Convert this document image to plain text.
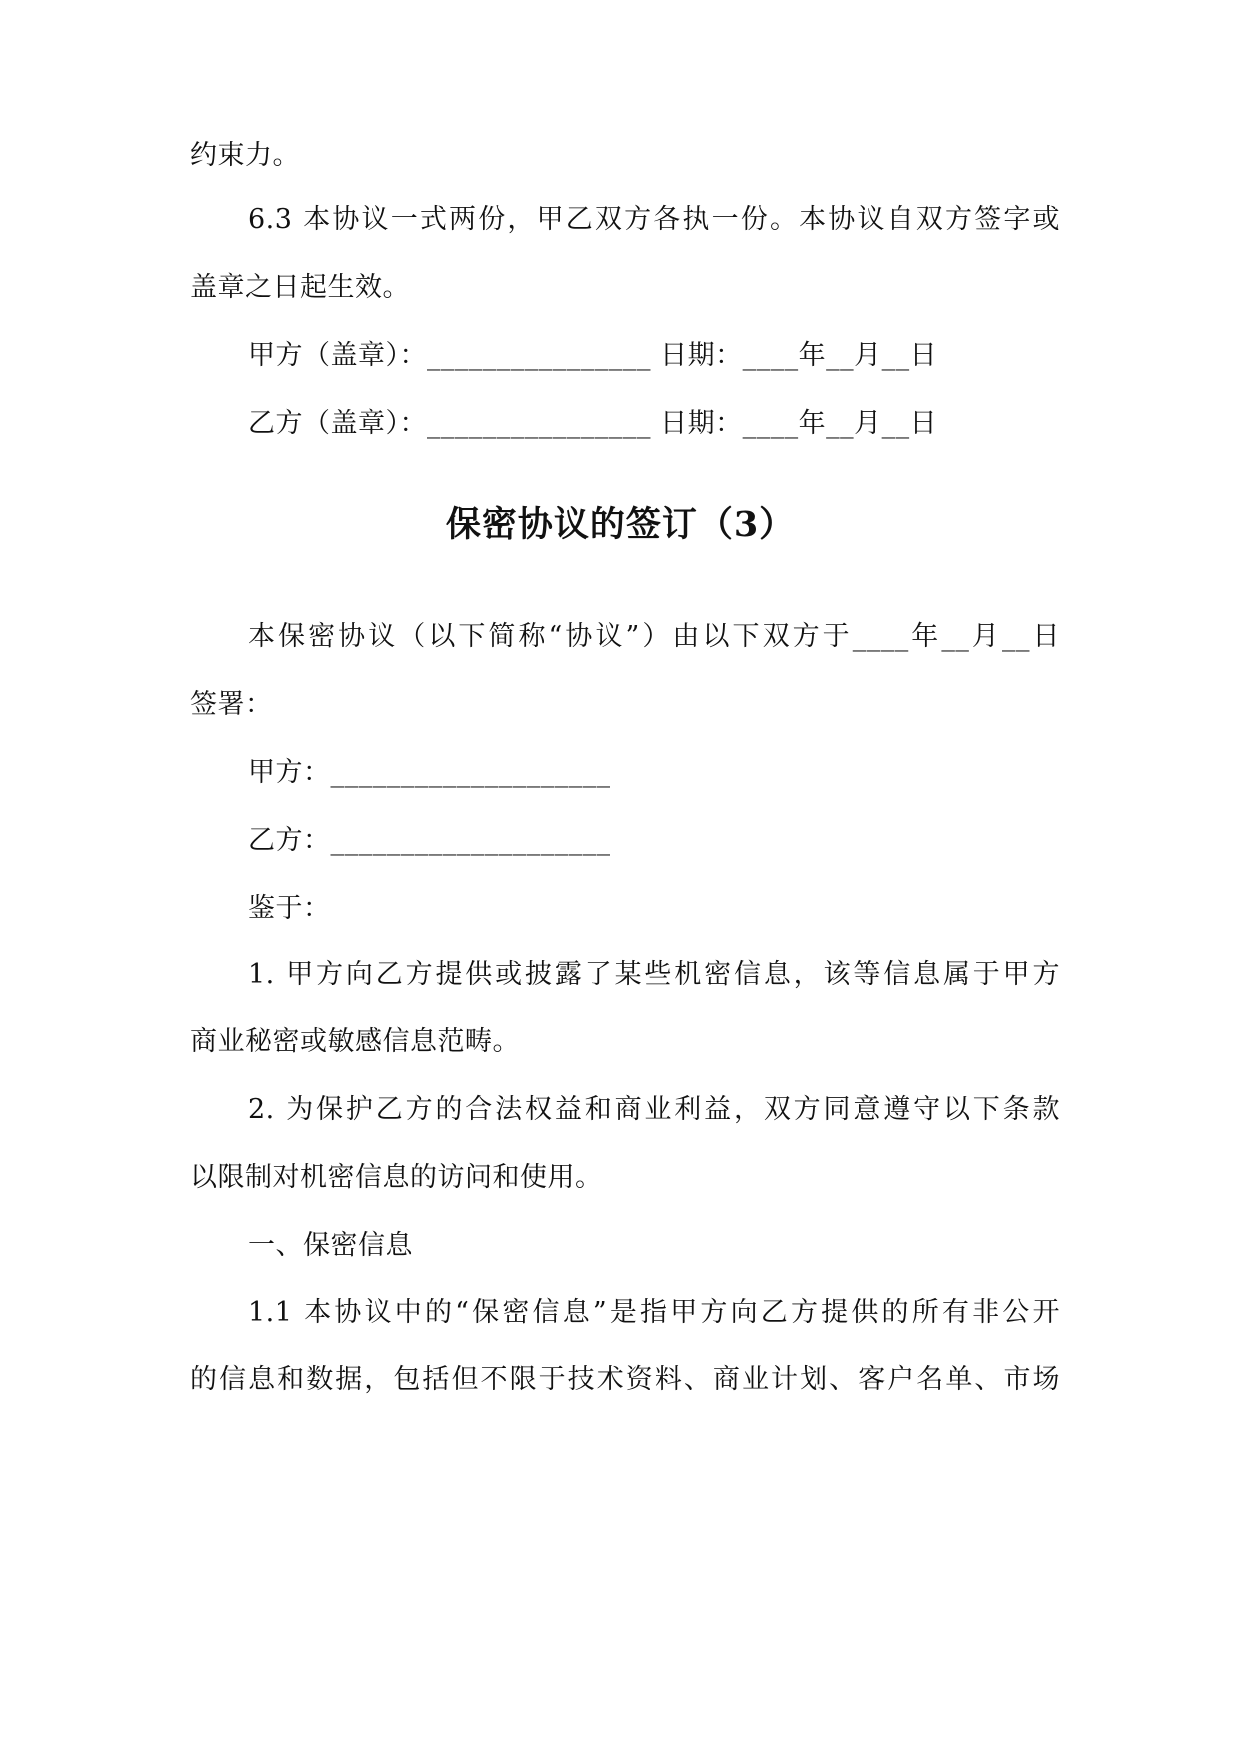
约束力。
6.3 本协议一式两份，甲乙双方各执一份。本协议自双方签字或
盖章之日起生效。
甲方（盖章）：________________ 日期：____年__月__日
乙方（盖章）：________________ 日期：____年__月__日
保密协议的签订（3）
本保密协议（以下简称“协议”）由以下双方于____年__月__日
签署：
甲方：____________________
乙方：____________________
鉴于：
1. 甲方向乙方提供或披露了某些机密信息，该等信息属于甲方
商业秘密或敏感信息范畴。
2. 为保护乙方的合法权益和商业利益，双方同意遵守以下条款
以限制对机密信息的访问和使用。
一、保密信息
1.1 本协议中的“保密信息”是指甲方向乙方提供的所有非公开
的信息和数据，包括但不限于技术资料、商业计划、客户名单、市场
